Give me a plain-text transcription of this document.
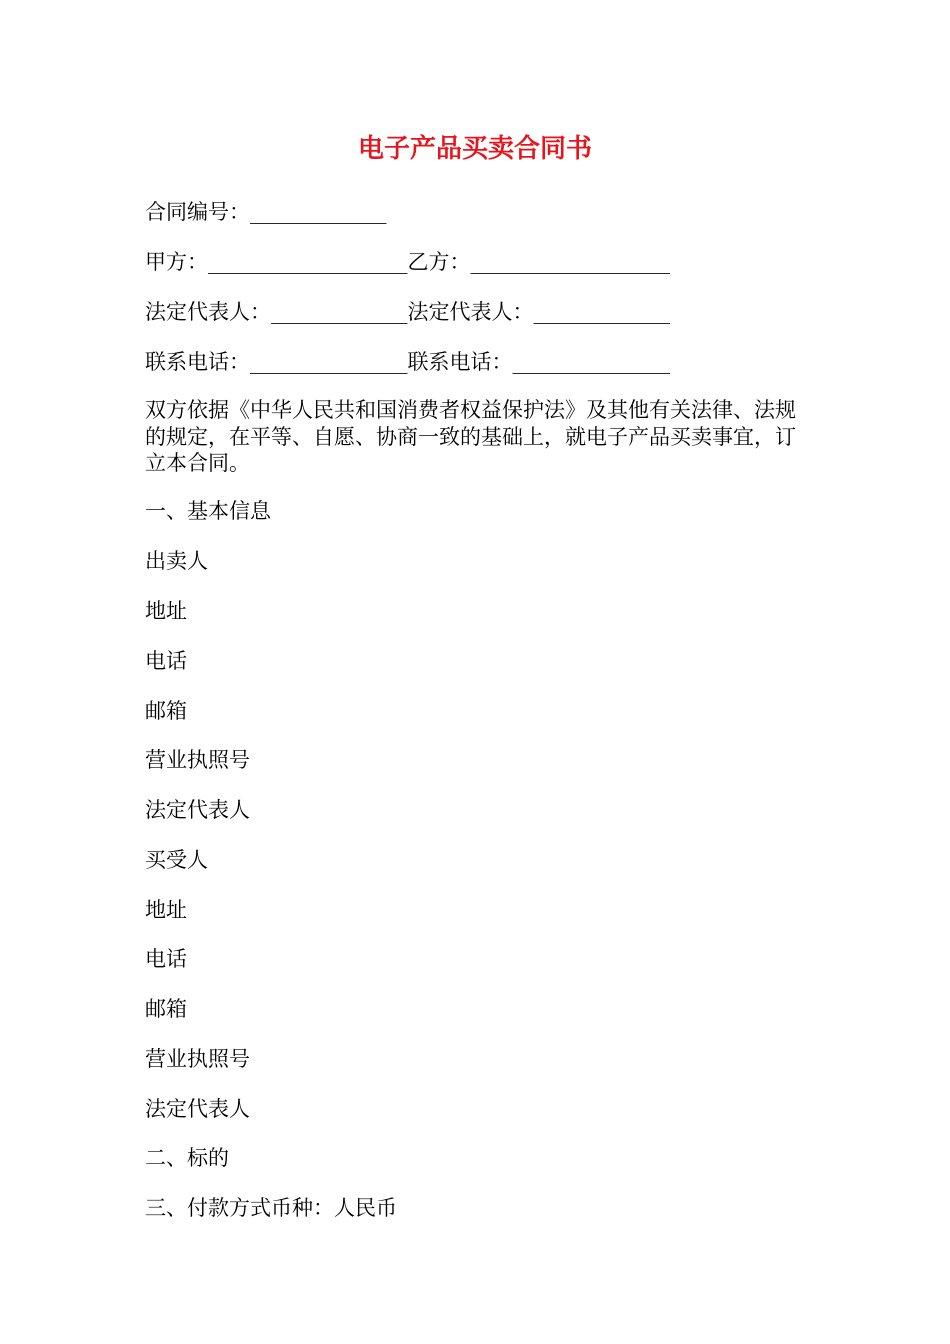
电子产品买卖合同书
合同编号：_____________
甲方：___________________乙方：___________________
法定代表人：_____________法定代表人：_____________
联系电话：_______________联系电话：_______________
双方依据《中华人民共和国消费者权益保护法》及其他有关法律、法规的规定，在平等、自愿、协商一致的基础上，就电子产品买卖事宜，订立本合同。
一、基本信息
出卖人
地址
电话
邮箱
营业执照号
法定代表人
买受人
地址
电话
邮箱
营业执照号
法定代表人
二、标的
三、付款方式币种：人民币
